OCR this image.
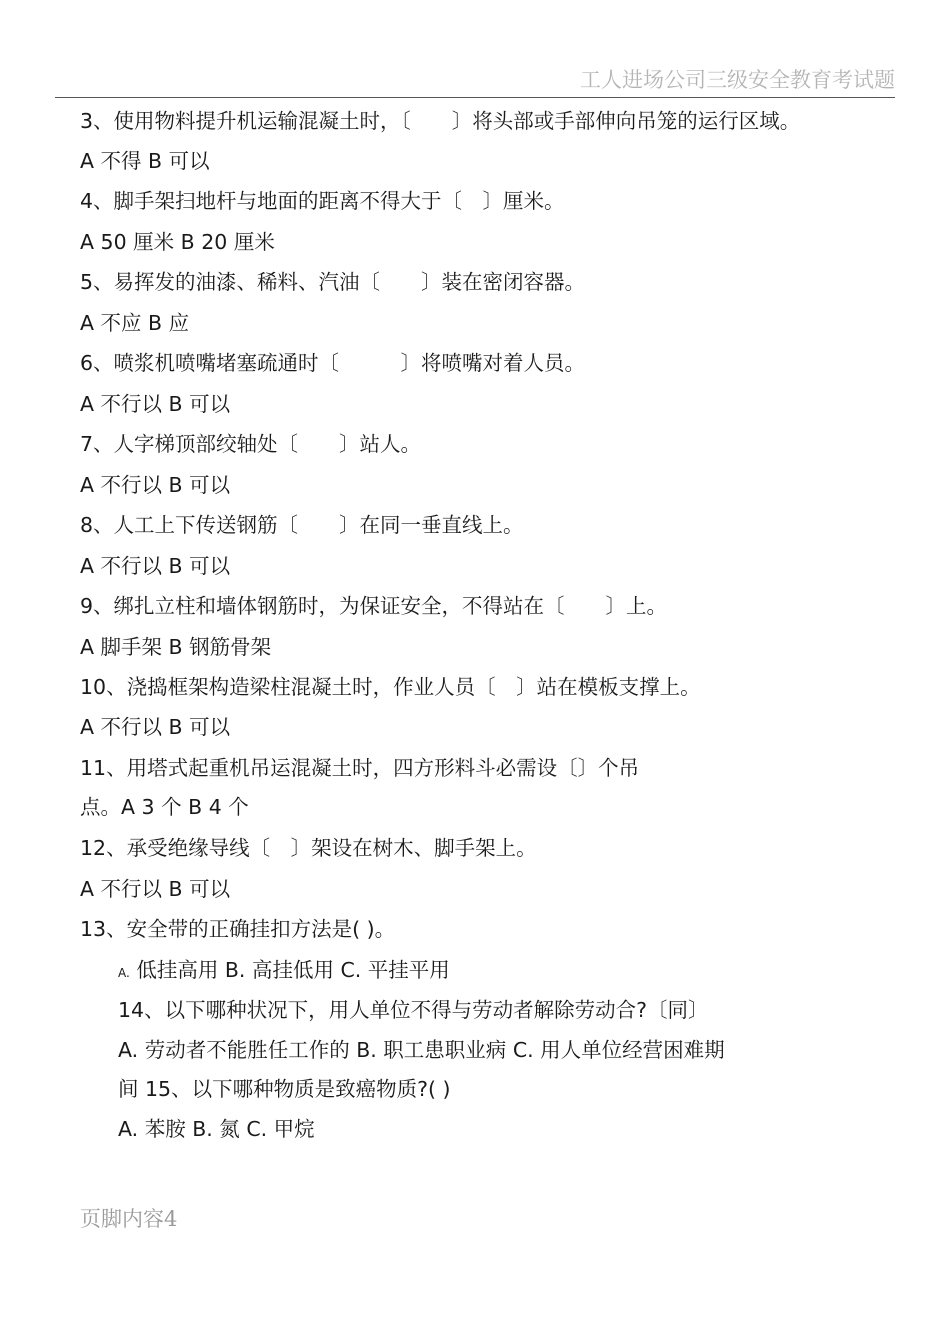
工人进场公司三级安全教育考试题
3、使用物料提升机运输混凝土时，〔　　〕将头部或手部伸向吊笼的运行区域。
A 不得 B 可以
4、脚手架扫地杆与地面的距离不得大于〔　〕厘米。
A 50 厘米 B 20 厘米
5、易挥发的油漆、稀料、汽油〔　　〕装在密闭容器。
A 不应 B 应
6、喷浆机喷嘴堵塞疏通时〔　　　〕将喷嘴对着人员。
A 不行以 B 可以
7、人字梯顶部绞轴处〔　　〕站人。
A 不行以 B 可以
8、人工上下传送钢筋〔　　〕在同一垂直线上。
A 不行以 B 可以
9、绑扎立柱和墙体钢筋时，为保证安全，不得站在〔　　〕上。
A 脚手架 B 钢筋骨架
10、浇捣框架构造梁柱混凝土时，作业人员〔　〕站在模板支撑上。
A 不行以 B 可以
11、用塔式起重机吊运混凝土时，四方形料斗必需设〔〕个吊
点。A 3 个 B 4 个
12、承受绝缘导线〔　〕架设在树木、脚手架上。
A 不行以 B 可以
13、安全带的正确挂扣方法是( )。
A. 低挂高用 B. 高挂低用 C. 平挂平用
14、以下哪种状况下，用人单位不得与劳动者解除劳动合?〔同〕
A. 劳动者不能胜任工作的 B. 职工患职业病 C. 用人单位经营困难期
间 15、以下哪种物质是致癌物质?( )
A. 苯胺 B. 氮 C. 甲烷
页脚内容4
